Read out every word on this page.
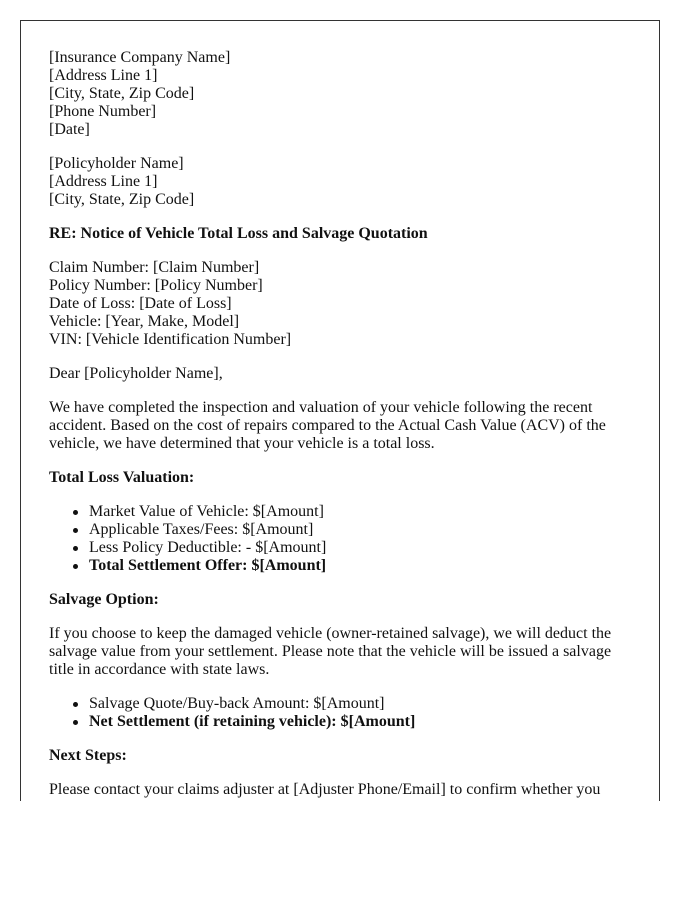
[Insurance Company Name]
[Address Line 1]
[City, State, Zip Code]
[Phone Number]
[Date]
[Policyholder Name]
[Address Line 1]
[City, State, Zip Code]
RE: Notice of Vehicle Total Loss and Salvage Quotation
Claim Number: [Claim Number]
Policy Number: [Policy Number]
Date of Loss: [Date of Loss]
Vehicle: [Year, Make, Model]
VIN: [Vehicle Identification Number]

Dear [Policyholder Name],

We have completed the inspection and valuation of your vehicle following the recent accident. Based on the cost of repairs compared to the Actual Cash Value (ACV) of the vehicle, we have determined that your vehicle is a total loss.

Total Loss Valuation:
Market Value of Vehicle: $[Amount]
Applicable Taxes/Fees: $[Amount]
Less Policy Deductible: - $[Amount]
Total Settlement Offer: $[Amount]
Salvage Option:

If you choose to keep the damaged vehicle (owner-retained salvage), we will deduct the salvage value from your settlement. Please note that the vehicle will be issued a salvage title in accordance with state laws.

Salvage Quote/Buy-back Amount: $[Amount]
Net Settlement (if retaining vehicle): $[Amount]
Next Steps:

Please contact your claims adjuster at [Adjuster Phone/Email] to confirm whether you
